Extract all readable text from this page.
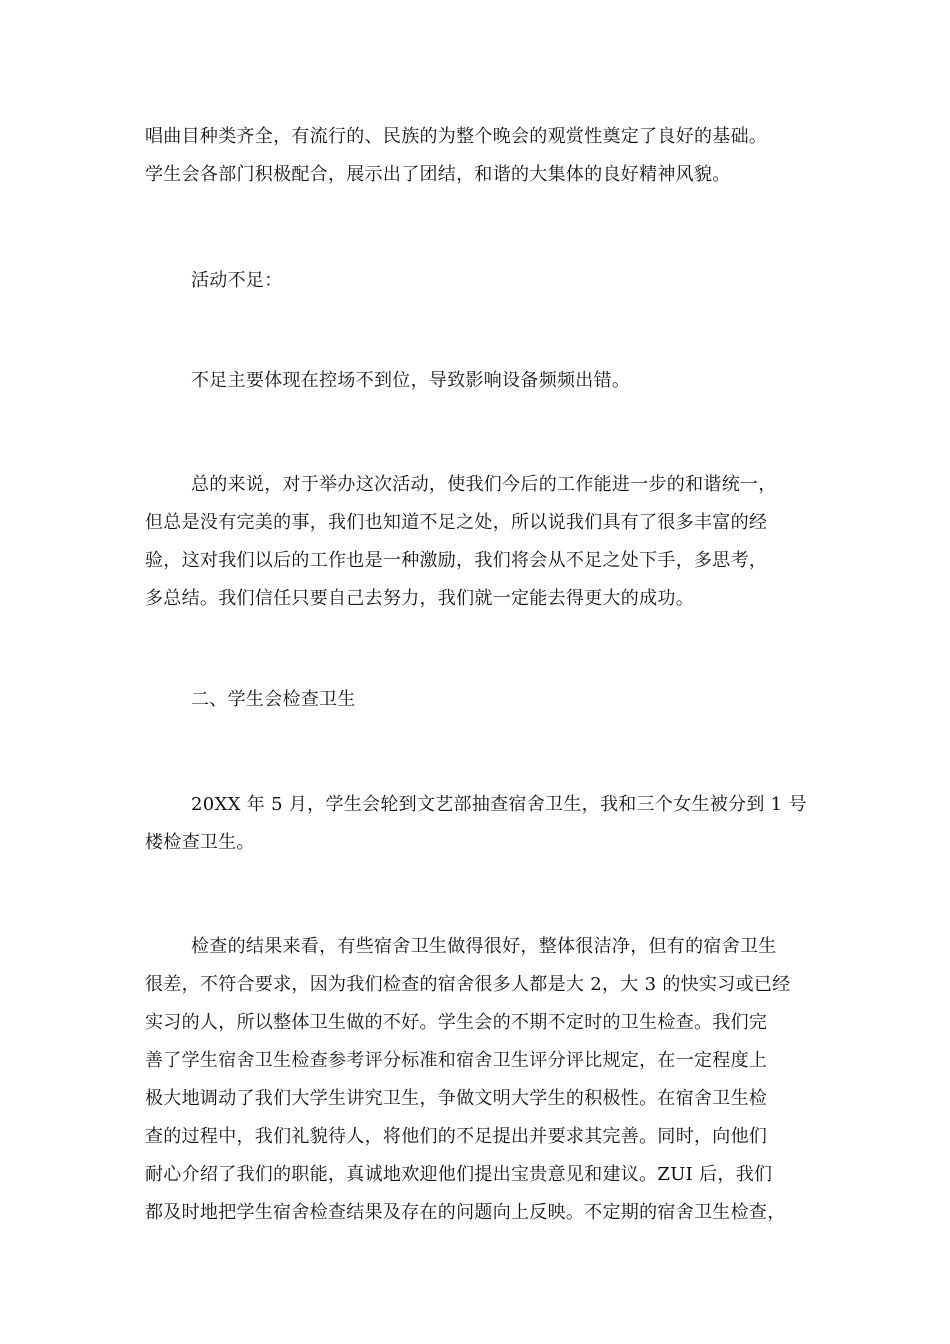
唱曲目种类齐全，有流行的、民族的为整个晚会的观赏性奠定了良好的基础。
学生会各部门积极配合，展示出了团结，和谐的大集体的良好精神风貌。

活动不足：

不足主要体现在控场不到位，导致影响设备频频出错。

总的来说，对于举办这次活动，使我们今后的工作能进一步的和谐统一，
但总是没有完美的事，我们也知道不足之处，所以说我们具有了很多丰富的经
验，这对我们以后的工作也是一种激励，我们将会从不足之处下手，多思考，
多总结。我们信任只要自己去努力，我们就一定能去得更大的成功。

二、学生会检查卫生

20XX 年 5 月，学生会轮到文艺部抽查宿舍卫生，我和三个女生被分到 1 号
楼检查卫生。

检查的结果来看，有些宿舍卫生做得很好，整体很洁净，但有的宿舍卫生
很差，不符合要求，因为我们检查的宿舍很多人都是大 2，大 3 的快实习或已经
实习的人，所以整体卫生做的不好。学生会的不期不定时的卫生检查。我们完
善了学生宿舍卫生检查参考评分标准和宿舍卫生评分评比规定，在一定程度上
极大地调动了我们大学生讲究卫生，争做文明大学生的积极性。在宿舍卫生检
查的过程中，我们礼貌待人，将他们的不足提出并要求其完善。同时，向他们
耐心介绍了我们的职能，真诚地欢迎他们提出宝贵意见和建议。ZUI 后，我们
都及时地把学生宿舍检查结果及存在的问题向上反映。不定期的宿舍卫生检查，
